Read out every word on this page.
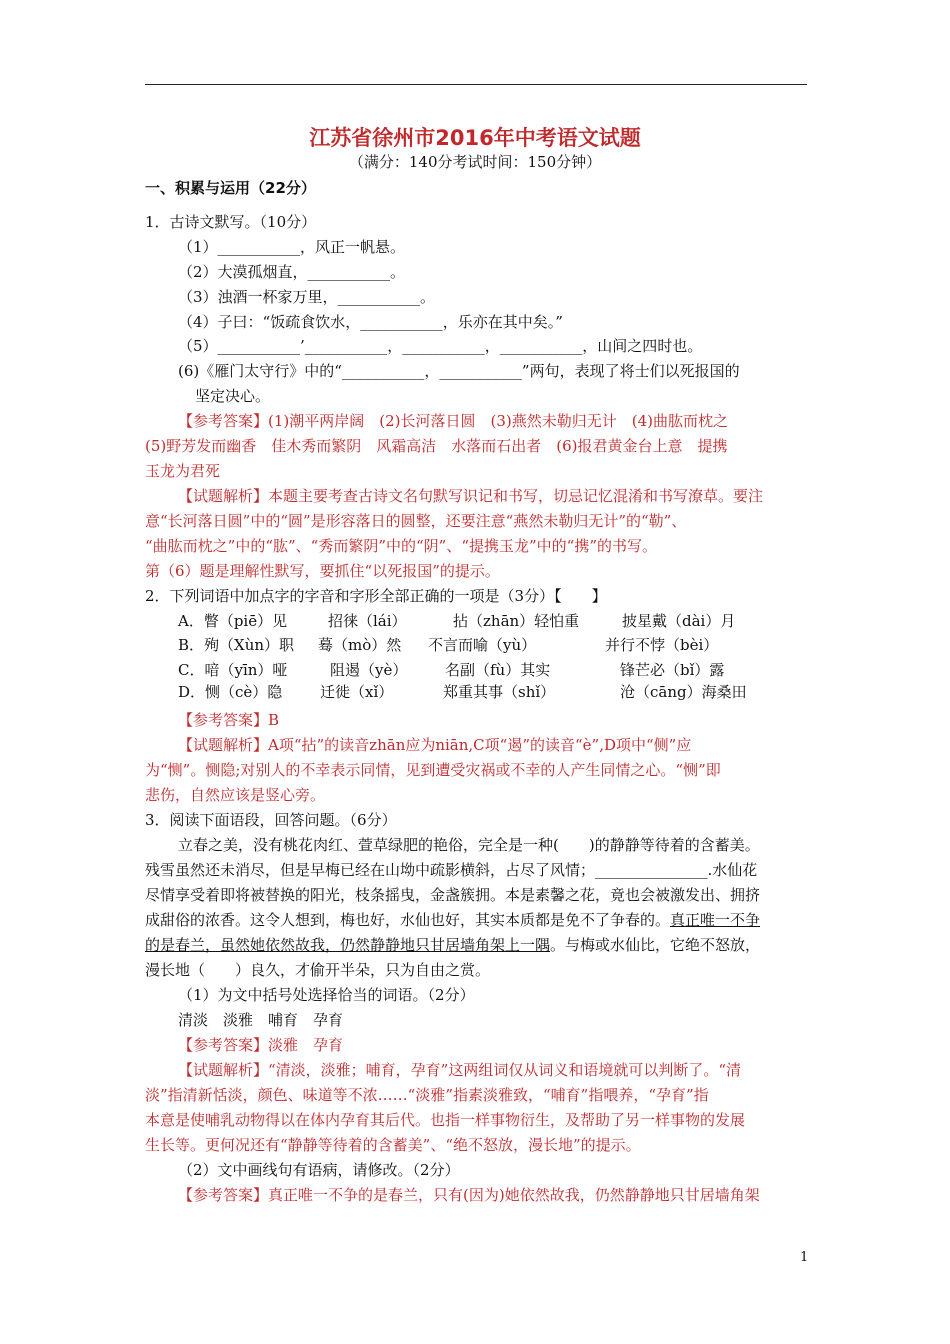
江苏省徐州市2016年中考语文试题
（满分：140分考试时间：150分钟）
一、积累与运用（22分）
1．古诗文默写。（10分）
（1）___________，风正一帆悬。
（2）大漠孤烟直，___________。
（3）浊酒一杯家万里，___________。
（4）子曰：“饭疏食饮水，___________，乐亦在其中矣。”
（5）___________’___________，___________，___________，山间之四时也。
(6)《雁门太守行》中的“___________，___________”两句，表现了将士们以死报国的
坚定决心。
【参考答案】(1)潮平两岸阔　(2)长河落日圆　(3)燕然未勒归无计　(4)曲肱而枕之
(5)野芳发而幽香　佳木秀而繁阴　风霜高洁　水落而石出者　(6)报君黄金台上意　提携
玉龙为君死
【试题解析】本题主要考查古诗文名句默写识记和书写，切忌记忆混淆和书写潦草。要注
意“长河落日圆”中的“圆”是形容落日的圆整，还要注意“燕然未勒归无计”的“勒”、
“曲肱而枕之”中的“肱”、“秀而繁阴”中的“阴”、“提携玉龙”中的“携”的书写。
第（6）题是理解性默写，要抓住“以死报国”的提示。
2．下列词语中加点字的字音和字形全部正确的一项是（3分）【　　】
A．瞥（piē）见	招徕（lái）	拈（zhān）轻怕重	披星戴（dài）月
B．殉（Xùn）职 蓦（mò）然 不言而喻（yù）	并行不悖（bèi）
C．喑（yīn）哑	阻遏（yè）	名副（fù）其实	锋芒必（bǐ）露
D．恻（cè）隐	迁徙（xǐ）	郑重其事（shǐ）	沧（cāng）海桑田
【参考答案】B
【试题解析】A项“拈”的读音zhān应为niān,C项“遏”的读音“è”,D项中“侧”应
为“恻”。恻隐;对别人的不幸表示同情，见到遭受灾祸或不幸的人产生同情之心。“恻”即
悲伤，自然应该是竖心旁。
3．阅读下面语段，回答问题。（6分）
立春之美，没有桃花肉红、萱草绿肥的艳俗，完全是一种(　　)的静静等待着的含蓄美。
残雪虽然还未消尽，但是早梅已经在山坳中疏影横斜，占尽了风情；_______________.水仙花
尽情享受着即将被替换的阳光，枝条摇曳，金盏簇拥。本是素馨之花，竟也会被激发出、拥挤
成甜俗的浓香。这令人想到，梅也好，水仙也好，其实本质都是免不了争春的。真正唯一不争
的是春兰，虽然她依然故我，仍然静静地只甘居墙角架上一隅。与梅或水仙比，它绝不怒放，
漫长地（　　）良久，才偷开半朵，只为自由之赏。
（1）为文中括号处选择恰当的词语。（2分）
清淡　淡雅　哺育　孕育
【参考答案】淡雅　孕育
【试题解析】“清淡，淡雅；哺育，孕育”这两组词仅从词义和语境就可以判断了。“清
淡”指清新恬淡，颜色、味道等不浓……“淡雅”指素淡雅致，“哺育”指喂养，“孕育”指
本意是使哺乳动物得以在体内孕育其后代。也指一样事物衍生，及帮助了另一样事物的发展
生长等。更何况还有“静静等待着的含蓄美”、“绝不怒放，漫长地”的提示。
（2）文中画线句有语病，请修改。（2分）
【参考答案】真正唯一不争的是春兰，只有(因为)她依然故我，仍然静静地只甘居墙角架
1
